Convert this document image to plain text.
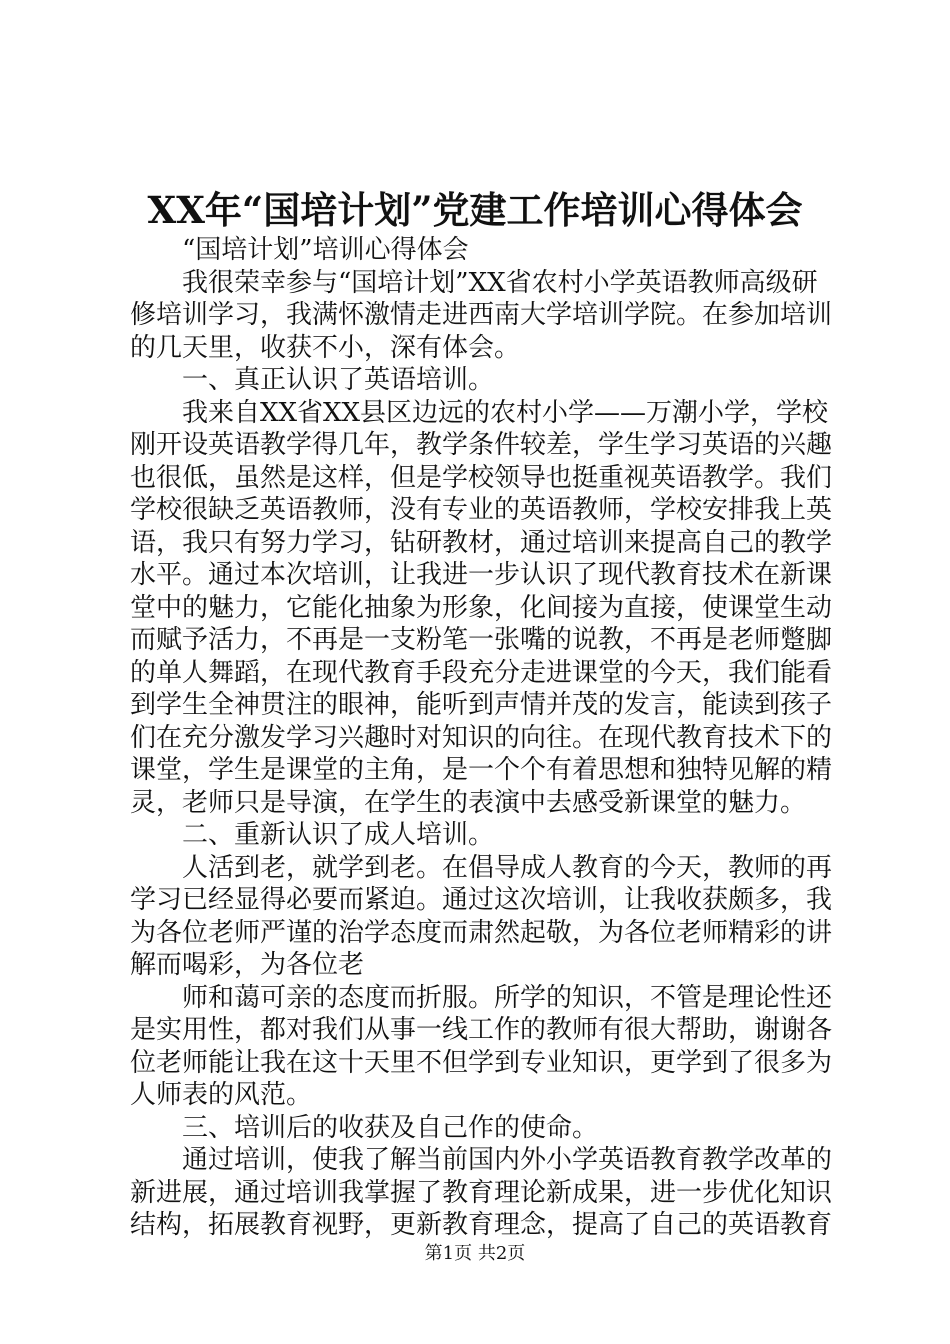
XX年“国培计划”党建工作培训心得体会
“国培计划”培训心得体会
我很荣幸参与“国培计划”XX省农村小学英语教师高级研
修培训学习，我满怀激情走进西南大学培训学院。在参加培训
的几天里，收获不小，深有体会。
一、真正认识了英语培训。
我来自XX省XX县区边远的农村小学——万潮小学，学校
刚开设英语教学得几年，教学条件较差，学生学习英语的兴趣
也很低，虽然是这样，但是学校领导也挺重视英语教学。我们
学校很缺乏英语教师，没有专业的英语教师，学校安排我上英
语，我只有努力学习，钻研教材，通过培训来提高自己的教学
水平。通过本次培训，让我进一步认识了现代教育技术在新课
堂中的魅力，它能化抽象为形象，化间接为直接，使课堂生动
而赋予活力，不再是一支粉笔一张嘴的说教，不再是老师蹩脚
的单人舞蹈，在现代教育手段充分走进课堂的今天，我们能看
到学生全神贯注的眼神，能听到声情并茂的发言，能读到孩子
们在充分激发学习兴趣时对知识的向往。在现代教育技术下的
课堂，学生是课堂的主角，是一个个有着思想和独特见解的精
灵，老师只是导演，在学生的表演中去感受新课堂的魅力。
二、重新认识了成人培训。
人活到老，就学到老。在倡导成人教育的今天，教师的再
学习已经显得必要而紧迫。通过这次培训，让我收获颇多，我
为各位老师严谨的治学态度而肃然起敬，为各位老师精彩的讲
解而喝彩，为各位老
师和蔼可亲的态度而折服。所学的知识，不管是理论性还
是实用性，都对我们从事一线工作的教师有很大帮助，谢谢各
位老师能让我在这十天里不但学到专业知识，更学到了很多为
人师表的风范。
三、培训后的收获及自己作的使命。
通过培训，使我了解当前国内外小学英语教育教学改革的
新进展，通过培训我掌握了教育理论新成果，进一步优化知识
结构，拓展教育视野，更新教育理念，提高了自己的英语教育
第1页 共2页
